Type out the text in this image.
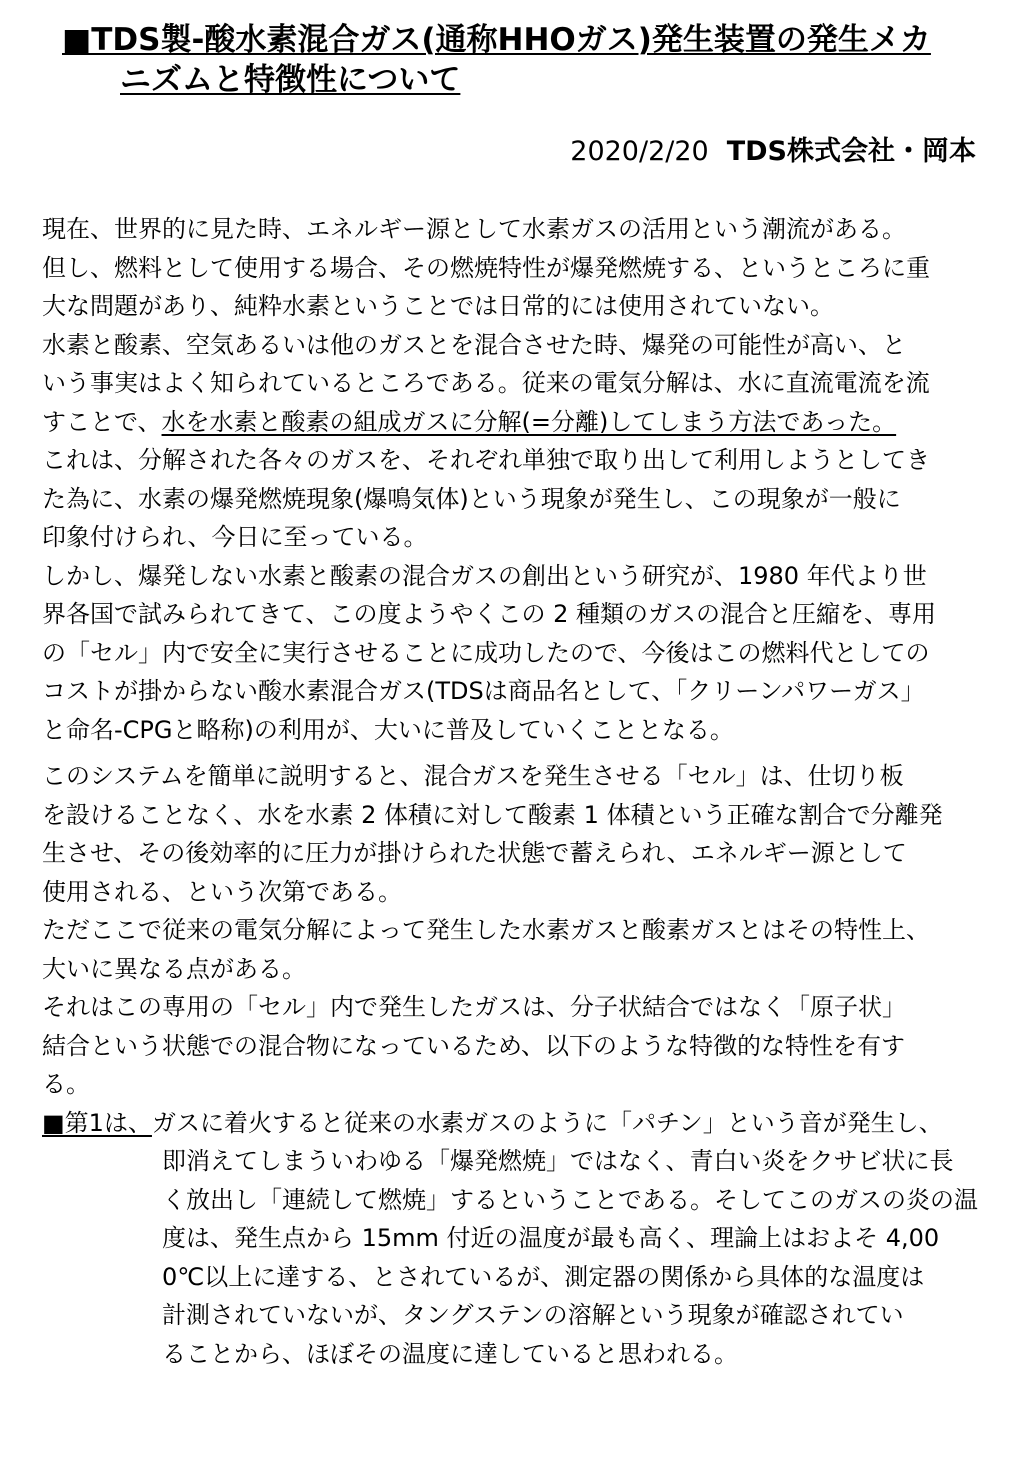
■TDS製-酸水素混合ガス(通称HHOガス)発生装置の発生メカ
ニズムと特徴性について
2020/2/20 TDS株式会社・岡本
現在、世界的に見た時、エネルギー源として水素ガスの活用という潮流がある。
但し、燃料として使用する場合、その燃焼特性が爆発燃焼する、というところに重
大な問題があり、純粋水素ということでは日常的には使用されていない。
水素と酸素、空気あるいは他のガスとを混合させた時、爆発の可能性が高い、と
いう事実はよく知られているところである。従来の電気分解は、水に直流電流を流
すことで、水を水素と酸素の組成ガスに分解(=分離)してしまう方法であった。
これは、分解された各々のガスを、それぞれ単独で取り出して利用しようとしてき
た為に、水素の爆発燃焼現象(爆鳴気体)という現象が発生し、この現象が一般に
印象付けられ、今日に至っている。
しかし、爆発しない水素と酸素の混合ガスの創出という研究が、1980 年代より世
界各国で試みられてきて、この度ようやくこの 2 種類のガスの混合と圧縮を、専用
の「セル」内で安全に実行させることに成功したので、今後はこの燃料代としての
コストが掛からない酸水素混合ガス(TDSは商品名として、「クリーンパワーガス」
と命名-CPGと略称)の利用が、大いに普及していくこととなる。
このシステムを簡単に説明すると、混合ガスを発生させる「セル」は、仕切り板
を設けることなく、水を水素 2 体積に対して酸素 1 体積という正確な割合で分離発
生させ、その後効率的に圧力が掛けられた状態で蓄えられ、エネルギー源として
使用される、という次第である。
ただここで従来の電気分解によって発生した水素ガスと酸素ガスとはその特性上、
大いに異なる点がある。
それはこの専用の「セル」内で発生したガスは、分子状結合ではなく「原子状」
結合という状態での混合物になっているため、以下のような特徴的な特性を有す
る。
■第1は、ガスに着火すると従来の水素ガスのように「パチン」という音が発生し、
即消えてしまういわゆる「爆発燃焼」ではなく、青白い炎をクサビ状に長
く放出し「連続して燃焼」するということである。そしてこのガスの炎の温
度は、発生点から 15mm 付近の温度が最も高く、理論上はおよそ 4,00
0℃以上に達する、とされているが、測定器の関係から具体的な温度は
計測されていないが、タングステンの溶解という現象が確認されてい
ることから、ほぼその温度に達していると思われる。
